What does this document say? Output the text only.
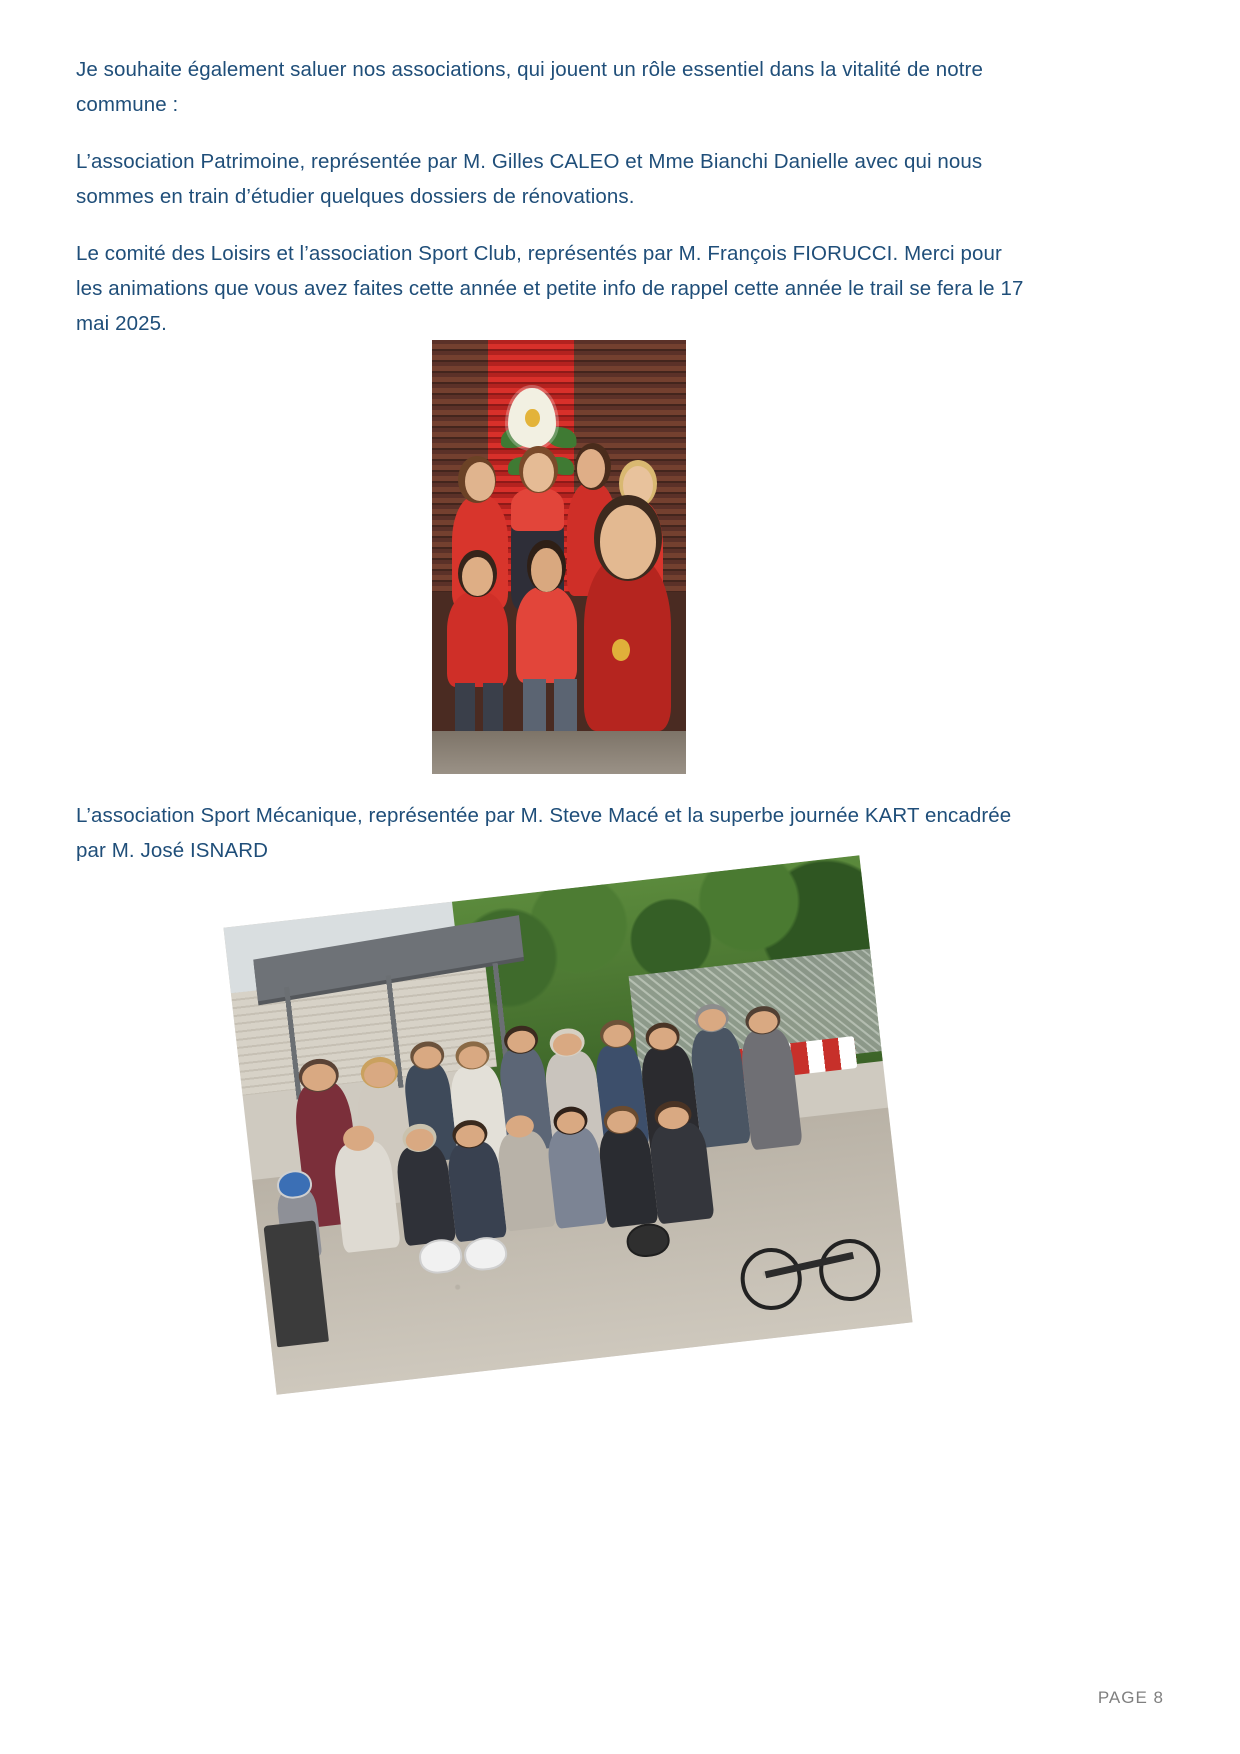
Je souhaite également saluer nos associations, qui jouent un rôle essentiel dans la vitalité de notre commune :

L’association Patrimoine, représentée par M. Gilles CALEO et Mme Bianchi Danielle avec qui nous sommes en train d’étudier quelques dossiers de rénovations.

Le comité des Loisirs et l’association Sport Club, représentés par M. François FIORUCCI. Merci pour les animations que vous avez faites cette année et petite info de rappel cette année le trail se fera le 17 mai 2025.

L’association Sport Mécanique, représentée par M. Steve Macé et la superbe journée KART encadrée par M. José ISNARD

PAGE 8
